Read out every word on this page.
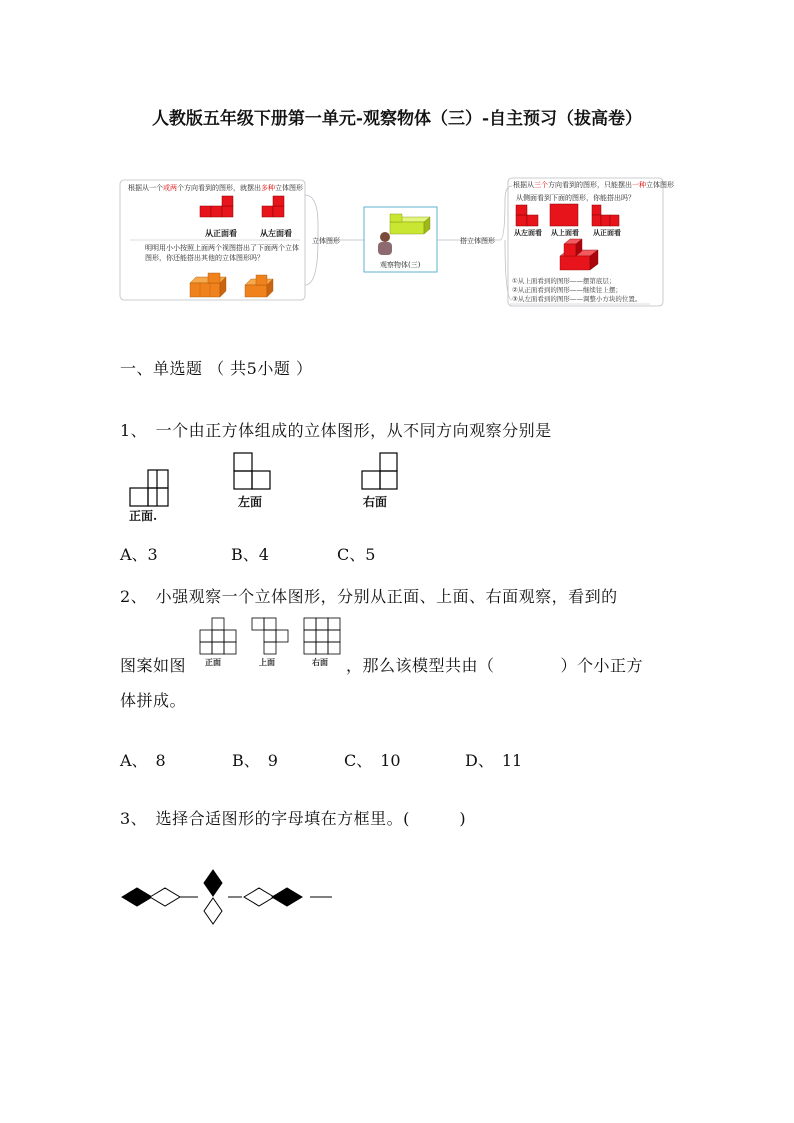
人教版五年级下册第一单元-观察物体（三）-自主预习（拔高卷）
根据从一个或两个方向看到的图形，就摆出多种立体图形
从正面看	从左面看
明明用小小按照上面两个视图搭出了下面两个立体图形，你还能搭出其他的立体图形吗？
立体图形
观察物体(三)
搭立体图形
根据从三个方向看到的图形，只能摆出一种立体图形
从侧面看到下面的图形，你能搭出吗？
从左面看 从上面看 从正面看
①从上面看到的图形——摆第底层；
②从正面看到的图形——继续往上摆；
③从左面看到的图形——调整小方块的位置。
一、单选题 （ 共5小题 ）
1、　一个由正方体组成的立体图形，从不同方向观察分别是
正面.
左面	右面
A、3	B、4	C、5
2、　小强观察一个立体图形，分别从正面、上面、右面观察，看到的
图案如图 正面	上面	右面 ，那么该模型共由（　　　　）个小正方
体拼成。
A、　8	B、　9	C、　10	D、　11
3、　选择合适图形的字母填在方框里。(　　　)
